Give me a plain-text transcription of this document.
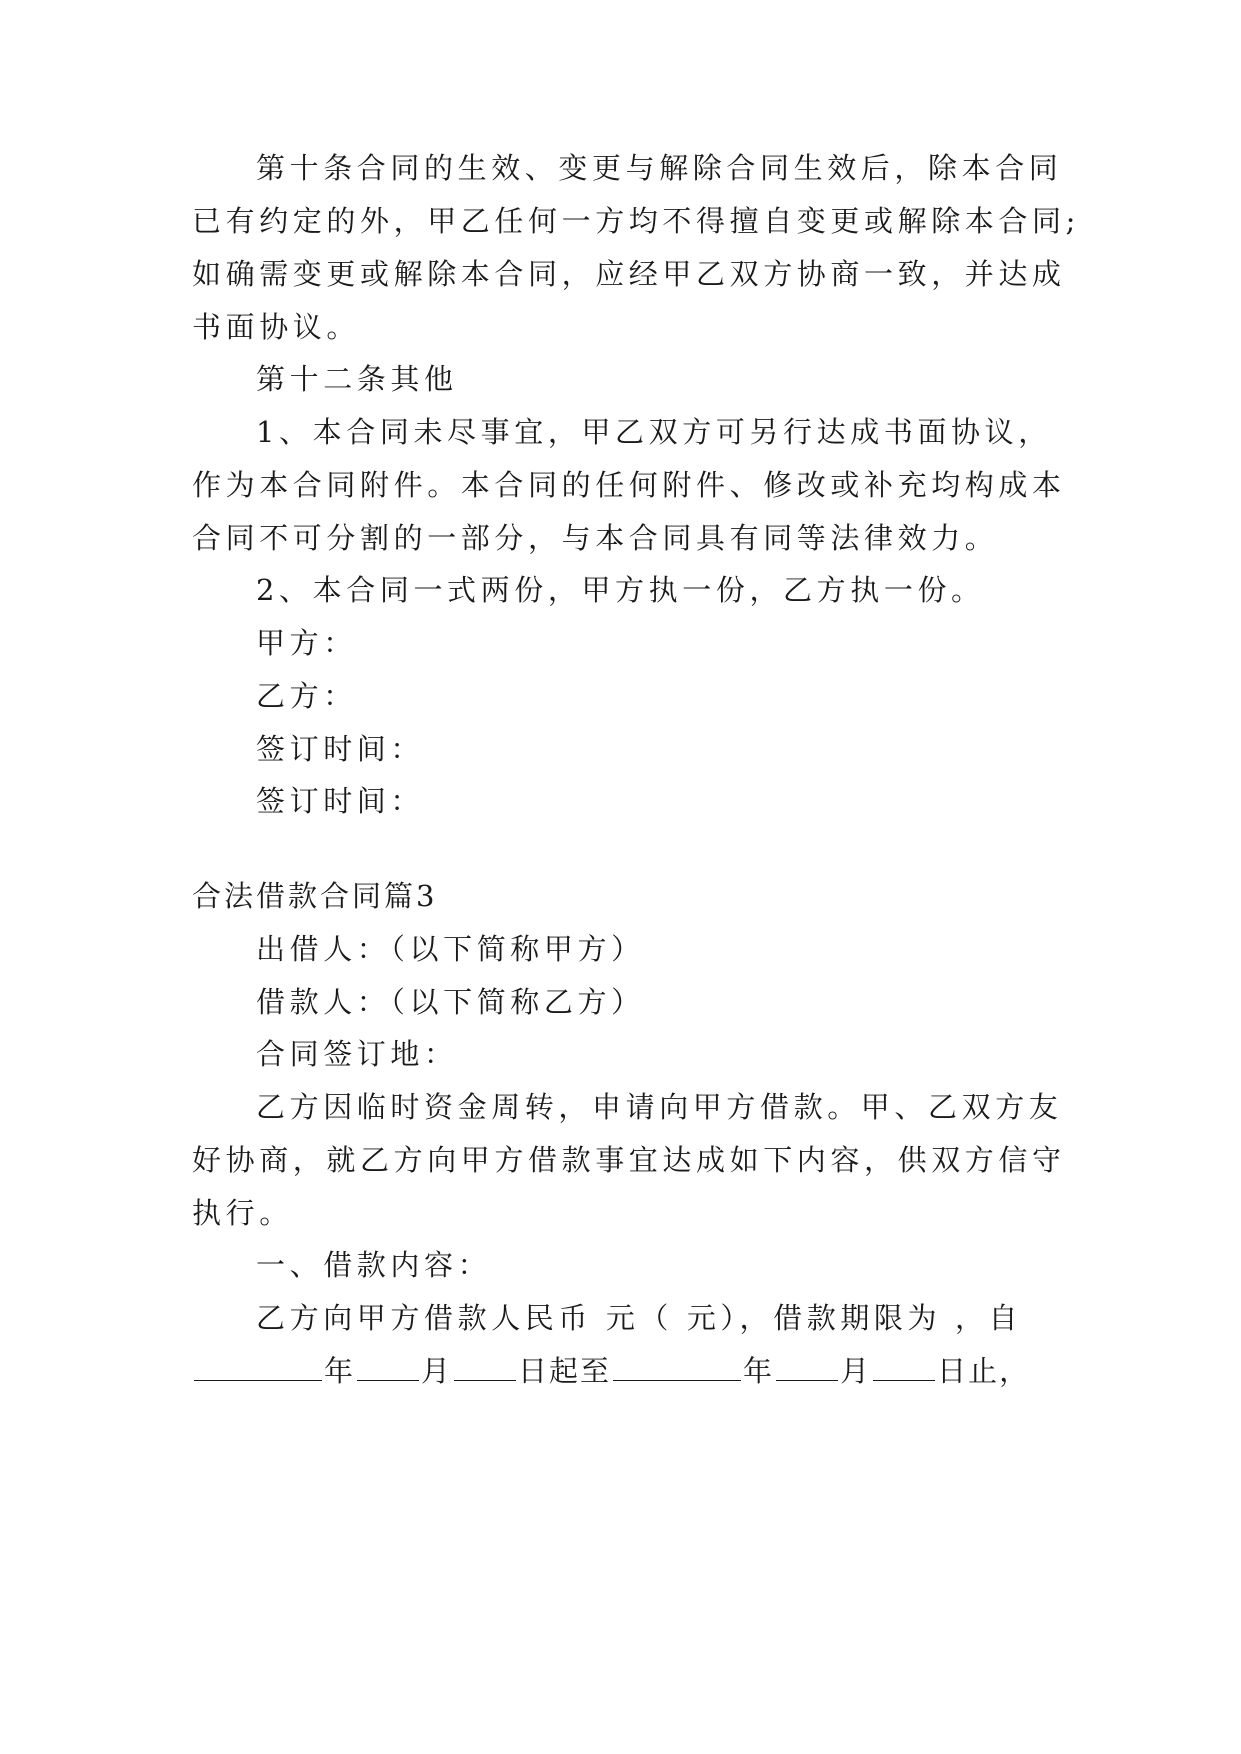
第十条合同的生效、变更与解除合同生效后，除本合同
已有约定的外，甲乙任何一方均不得擅自变更或解除本合同;
如确需变更或解除本合同，应经甲乙双方协商一致，并达成
书面协议。
第十二条其他
1、本合同未尽事宜，甲乙双方可另行达成书面协议，
作为本合同附件。本合同的任何附件、修改或补充均构成本
合同不可分割的一部分，与本合同具有同等法律效力。
2、本合同一式两份，甲方执一份，乙方执一份。
甲方：
乙方：
签订时间：
签订时间：
合法借款合同篇3
出借人：（以下简称甲方）
借款人：（以下简称乙方）
合同签订地：
乙方因临时资金周转，申请向甲方借款。甲、乙双方友
好协商，就乙方向甲方借款事宜达成如下内容，供双方信守
执行。
一、借款内容：
乙方向甲方借款人民币 元（ 元），借款期限为 ，自
年 月 日起至	年 月 日止，
